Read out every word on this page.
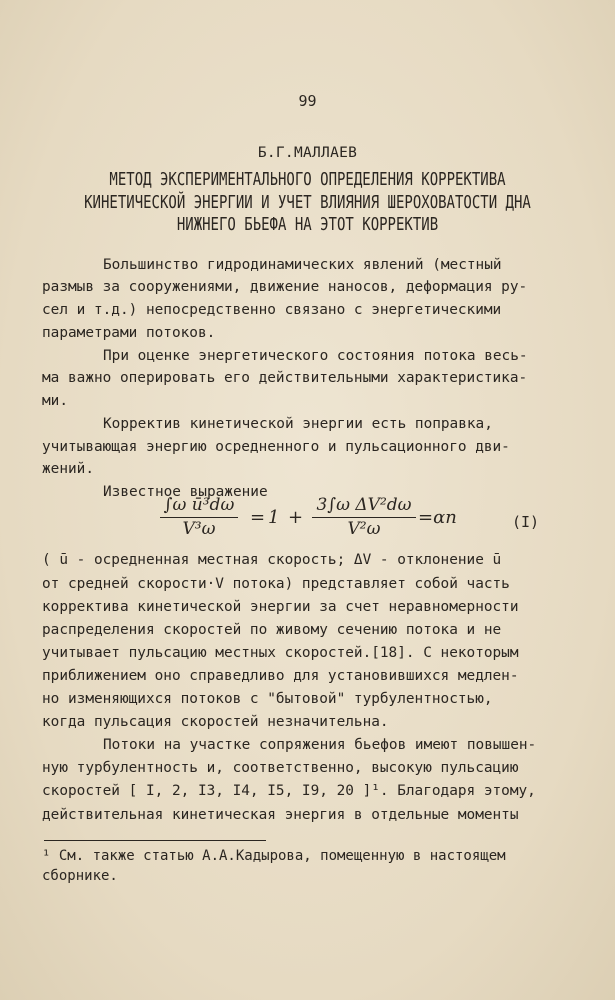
99
Б.Г.МАЛЛАЕВ
МЕТОД ЭКСПЕРИМЕНТАЛЬНОГО ОПРЕДЕЛЕНИЯ КОРРЕКТИВА
КИНЕТИЧЕСКОЙ ЭНЕРГИИ И УЧЕТ ВЛИЯНИЯ ШЕРОХОВАТОСТИ ДНА
НИЖНЕГО БЬЕФА НА ЭТОТ КОРРЕКТИВ
Большинство гидродинамических явлений (местный
размыв за сооружениями, движение наносов, деформация ру-
сел и т.д.) непосредственно связано с энергетическими
параметрами потоков.
При оценке энергетического состояния потока весь-
ма важно оперировать его действительными характеристика-
ми.
Корректив кинетической энергии есть поправка,
учитывающая энергию осредненного и пульсационного дви-
жений.
Известное выражение
$\frac{\text{∫ω ū³dω}}{\text{V³ω}} = 1 + \frac{\text{3∫ω ΔV²dω}}{\text{V²ω}} =\alpha n$	(I)
( ū - осредненная местная скорость; ΔV - отклонение ū
от средней скорости·V потока) представляет собой часть
корректива кинетической энергии за счет неравномерности
распределения скоростей по живому сечению потока и не
учитывает пульсацию местных скоростей.[18]. С некоторым
приближением оно справедливо для установившихся медлен-
но изменяющихся потоков с "бытовой" турбулентностью,
когда пульсация скоростей незначительна.
Потоки на участке сопряжения бьефов имеют повышен-
ную турбулентность и, соответственно, высокую пульсацию
скоростей [ I, 2, I3, I4, I5, I9, 20 ]¹. Благодаря этому,
действительная кинетическая энергия в отдельные моменты
¹ См. также статью А.А.Кадырова, помещенную в настоящем
сборнике.
